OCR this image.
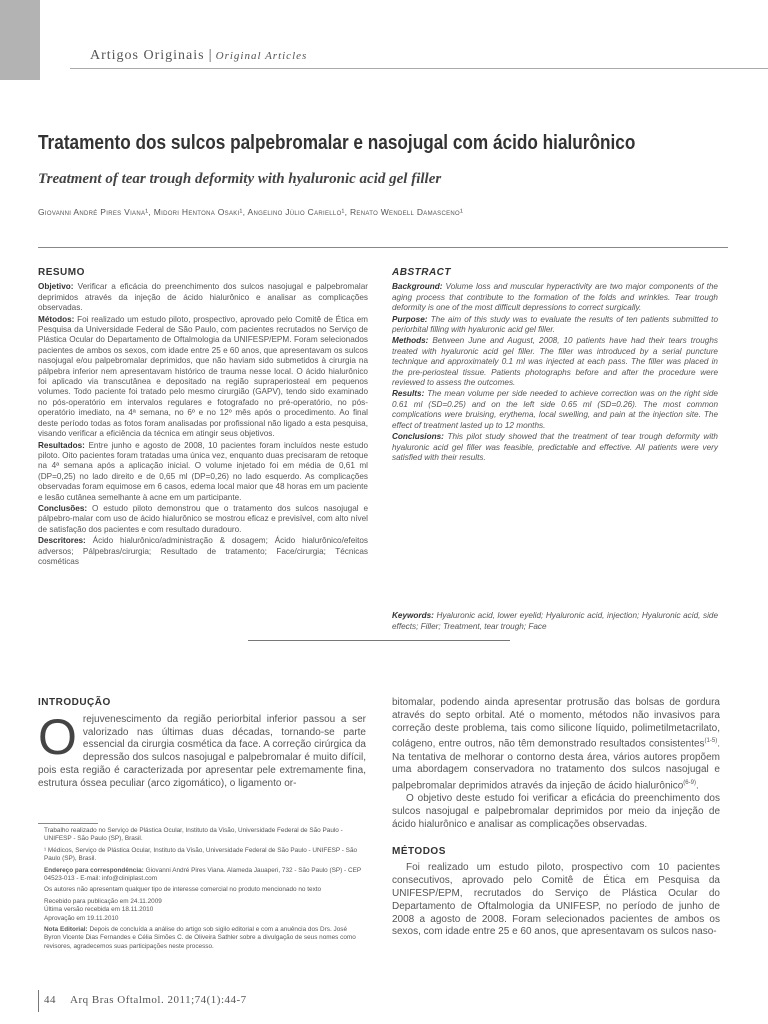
Artigos Originais | Original Articles
Tratamento dos sulcos palpebromalar e nasojugal com ácido hialurônico
Treatment of tear trough deformity with hyaluronic acid gel filler
Giovanni André Pires Viana¹, Midori Hentona Osaki¹, Angelino Júlio Cariello¹, Renato Wendell Damasceno¹
RESUMO

Objetivo: Verificar a eficácia do preenchimento dos sulcos nasojugal e palpebromalar deprimidos através da injeção de ácido hialurônico e analisar as complicações observadas.

Métodos: Foi realizado um estudo piloto, prospectivo, aprovado pelo Comitê de Ética em Pesquisa da Universidade Federal de São Paulo, com pacientes recrutados no Serviço de Plástica Ocular do Departamento de Oftalmologia da UNIFESP/EPM. Foram selecionados pacientes de ambos os sexos, com idade entre 25 e 60 anos, que apresentavam os sulcos nasojugal e/ou palpebromalar deprimidos, que não haviam sido submetidos à cirurgia na pálpebra inferior nem apresentavam histórico de trauma nesse local. O ácido hialurônico foi aplicado via transcutânea e depositado na região supraperiosteal em pequenos volumes. Todo paciente foi tratado pelo mesmo cirurgião (GAPV), tendo sido examinado no pós-operatório em intervalos regulares e fotografado no pré-operatório, no pós-operatório imediato, na 4ª semana, no 6º e no 12º mês após o procedimento. Ao final deste período todas as fotos foram analisadas por profissional não ligado a esta pesquisa, visando verificar a eficiência da técnica em atingir seus objetivos.

Resultados: Entre junho e agosto de 2008, 10 pacientes foram incluídos neste estudo piloto. Oito pacientes foram tratadas uma única vez, enquanto duas precisaram de retoque na 4ª semana após a aplicação inicial. O volume injetado foi em média de 0,61 ml (DP=0,25) no lado direito e de 0,65 ml (DP=0,26) no lado esquerdo. As complicações observadas foram equimose em 6 casos, edema local maior que 48 horas em um paciente e lesão cutânea semelhante à acne em um participante.

Conclusões: O estudo piloto demonstrou que o tratamento dos sulcos nasojugal e pálpebro-malar com uso de ácido hialurônico se mostrou eficaz e previsível, com alto nível de satisfação dos pacientes e com resultado duradouro.

Descritores: Ácido hialurônico/administração & dosagem; Ácido hialurônico/efeitos adversos; Pálpebras/cirurgia; Resultado de tratamento; Face/cirurgia; Técnicas cosméticas

ABSTRACT

Background: Volume loss and muscular hyperactivity are two major components of the aging process that contribute to the formation of the folds and wrinkles. Tear trough deformity is one of the most difficult depressions to correct surgically.

Purpose: The aim of this study was to evaluate the results of ten patients submitted to periorbital filling with hyaluronic acid gel filler.

Methods: Between June and August, 2008, 10 patients have had their tears troughs treated with hyaluronic acid gel filler. The filler was introduced by a serial puncture technique and approximately 0.1 ml was injected at each pass. The filler was placed in the pre-periosteal tissue. Patients photographs before and after the procedure were reviewed to assess the outcomes.

Results: The mean volume per side needed to achieve correction was on the right side 0.61 ml (SD=0.25) and on the left side 0.65 ml (SD=0.26). The most common complications were bruising, erythema, local swelling, and pain at the injection site. The effect of treatment lasted up to 12 months.

Conclusions: This pilot study showed that the treatment of tear trough deformity with hyaluronic acid gel filler was feasible, predictable and effective. All patients were very satisfied with their results.

Keywords: Hyaluronic acid, lower eyelid; Hyaluronic acid, injection; Hyaluronic acid, side effects; Filler; Treatment, tear trough; Face

INTRODUÇÃO

Orejuvenescimento da região periorbital inferior passou a ser valorizado nas últimas duas décadas, tornando-se parte essencial da cirurgia cosmética da face. A correção cirúrgica da depressão dos sulcos nasojugal e palpebromalar é muito difícil, pois esta região é caracterizada por apresentar pele extremamente fina, estrutura óssea peculiar (arco zigomático), o ligamento or-

Trabalho realizado no Serviço de Plástica Ocular, Instituto da Visão, Universidade Federal de São Paulo - UNIFESP - São Paulo (SP), Brasil.

¹ Médicos, Serviço de Plástica Ocular, Instituto da Visão, Universidade Federal de São Paulo - UNIFESP - São Paulo (SP), Brasil.

Endereço para correspondência: Giovanni André Pires Viana. Alameda Jauaperi, 732 - São Paulo (SP) - CEP 04523-013 - E-mail: info@cliniplast.com

Os autores não apresentam qualquer tipo de interesse comercial no produto mencionado no texto

Recebido para publicação em 24.11.2009

Última versão recebida em 18.11.2010

Aprovação em 19.11.2010

Nota Editorial: Depois de concluída a análise do artigo sob sigilo editorial e com a anuência dos Drs. José Byron Vicente Dias Fernandes e Célia Simões C. de Oliveira Sathler sobre a divulgação de seus nomes como revisores, agradecemos suas participações neste processo.

bitomalar, podendo ainda apresentar protrusão das bolsas de gordura através do septo orbital. Até o momento, métodos não invasivos para correção deste problema, tais como silicone líquido, polimetilmetacrilato, colágeno, entre outros, não têm demonstrado resultados consistentes$^{(1-5)}$. Na tentativa de melhorar o contorno desta área, vários autores propõem uma abordagem conservadora no tratamento dos sulcos nasojugal e palpebromalar deprimidos através da injeção de ácido hialurônico$^{(6-9)}$.

O objetivo deste estudo foi verificar a eficácia do preenchimento dos sulcos nasojugal e palpebromalar deprimidos por meio da injeção de ácido hialurônico e analisar as complicações observadas.

MÉTODOS

Foi realizado um estudo piloto, prospectivo com 10 pacientes consecutivos, aprovado pelo Comitê de Ética em Pesquisa da UNIFESP/EPM, recrutados do Serviço de Plástica Ocular do Departamento de Oftalmologia da UNIFESP, no período de junho de 2008 a agosto de 2008. Foram selecionados pacientes de ambos os sexos, com idade entre 25 e 60 anos, que apresentavam os sulcos naso-

44 Arq Bras Oftalmol. 2011;74(1):44-7
